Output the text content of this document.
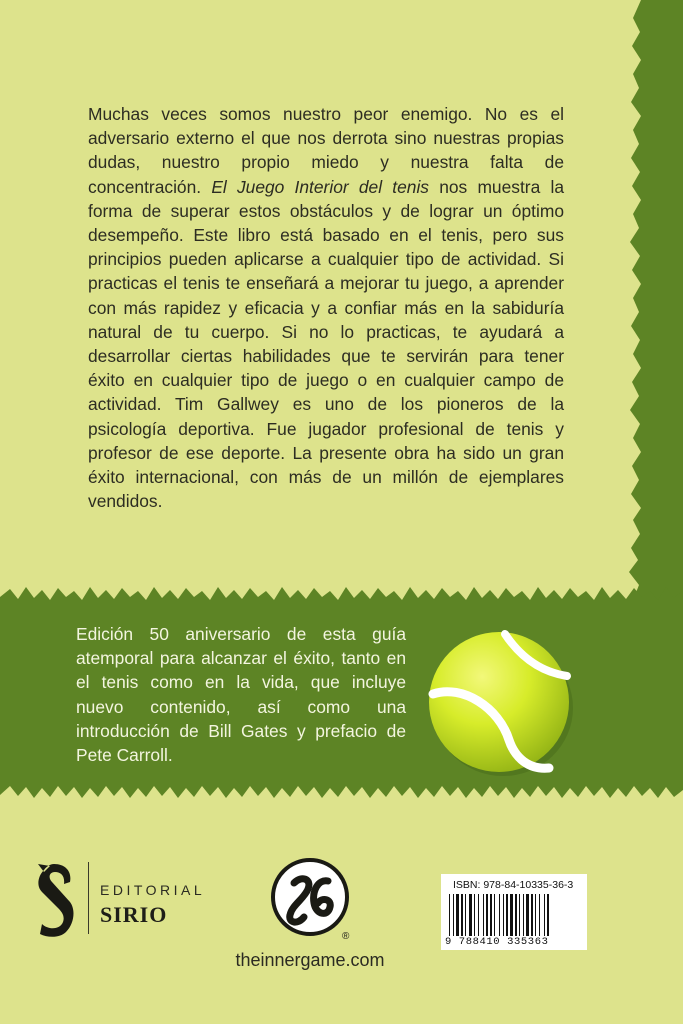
Muchas veces somos nuestro peor enemigo. No es el adversario externo el que nos derrota sino nuestras propias dudas, nuestro propio miedo y nuestra falta de concentración. El Juego Interior del tenis nos muestra la forma de superar estos obstáculos y de lograr un óptimo desempeño. Este libro está basado en el tenis, pero sus principios pueden aplicarse a cualquier tipo de actividad. Si practicas el tenis te enseñará a mejorar tu juego, a aprender con más rapidez y eficacia y a confiar más en la sabiduría natural de tu cuerpo. Si no lo practicas, te ayudará a desarrollar ciertas habilidades que te servirán para tener éxito en cualquier tipo de juego o en cualquier campo de actividad. Tim Gallwey es uno de los pioneros de la psicología deportiva. Fue jugador profesional de tenis y profesor de ese deporte. La presente obra ha sido un gran éxito internacional, con más de un millón de ejemplares vendidos.

Edición 50 aniversario de esta guía atemporal para alcanzar el éxito, tanto en el tenis como en la vida, que incluye nuevo contenido, así como una introducción de Bill Gates y prefacio de Pete Carroll.

EDITORIAL
SIRIO
®
theinnergame.com
ISBN: 978-84-10335-36-3
9 788410 335363
